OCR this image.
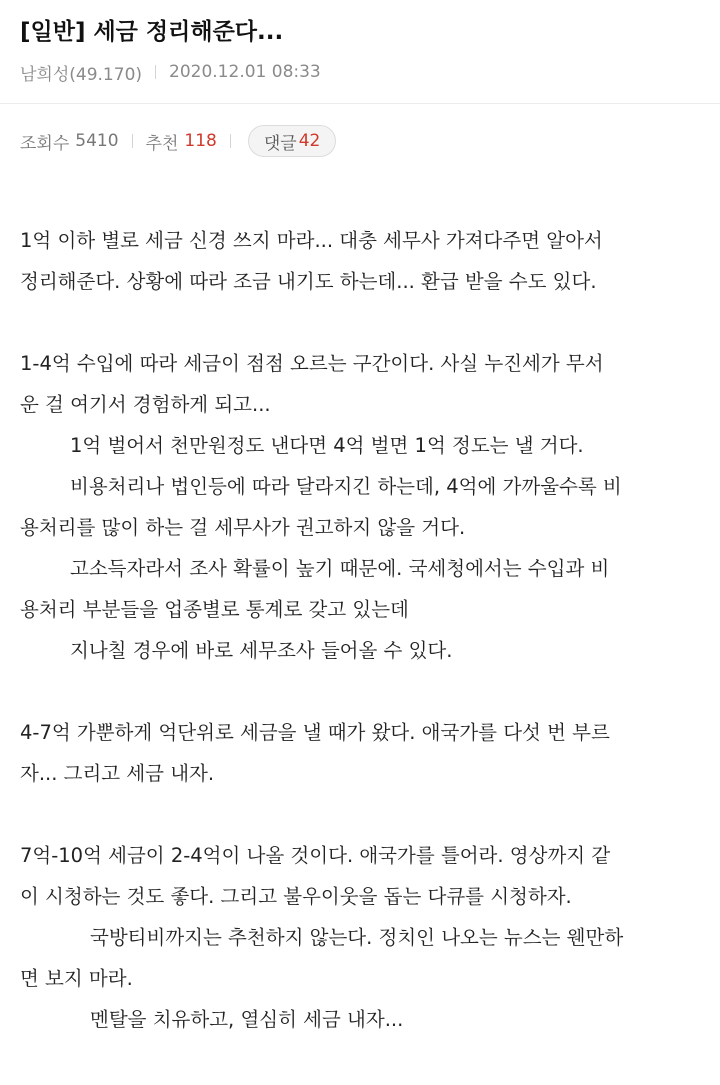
[일반] 세금 정리해준다...
남희성(49.170) 2020.12.01 08:33
조회수 5410 추천 118	댓글 42
1억 이하 별로 세금 신경 쓰지 마라... 대충 세무사 가져다주면 알아서
정리해준다. 상황에 따라 조금 내기도 하는데... 환급 받을 수도 있다.
1-4억 수입에 따라 세금이 점점 오르는 구간이다. 사실 누진세가 무서
운 걸 여기서 경험하게 되고...
1억 벌어서 천만원정도 낸다면 4억 벌면 1억 정도는 낼 거다.
비용처리나 법인등에 따라 달라지긴 하는데, 4억에 가까울수록 비
용처리를 많이 하는 걸 세무사가 권고하지 않을 거다.
고소득자라서 조사 확률이 높기 때문에. 국세청에서는 수입과 비
용처리 부분들을 업종별로 통계로 갖고 있는데
지나칠 경우에 바로 세무조사 들어올 수 있다.
4-7억 가뿐하게 억단위로 세금을 낼 때가 왔다. 애국가를 다섯 번 부르
자... 그리고 세금 내자.
7억-10억 세금이 2-4억이 나올 것이다. 애국가를 틀어라. 영상까지 같
이 시청하는 것도 좋다. 그리고 불우이웃을 돕는 다큐를 시청하자.
국방티비까지는 추천하지 않는다. 정치인 나오는 뉴스는 웬만하
면 보지 마라.
멘탈을 치유하고, 열심히 세금 내자...
